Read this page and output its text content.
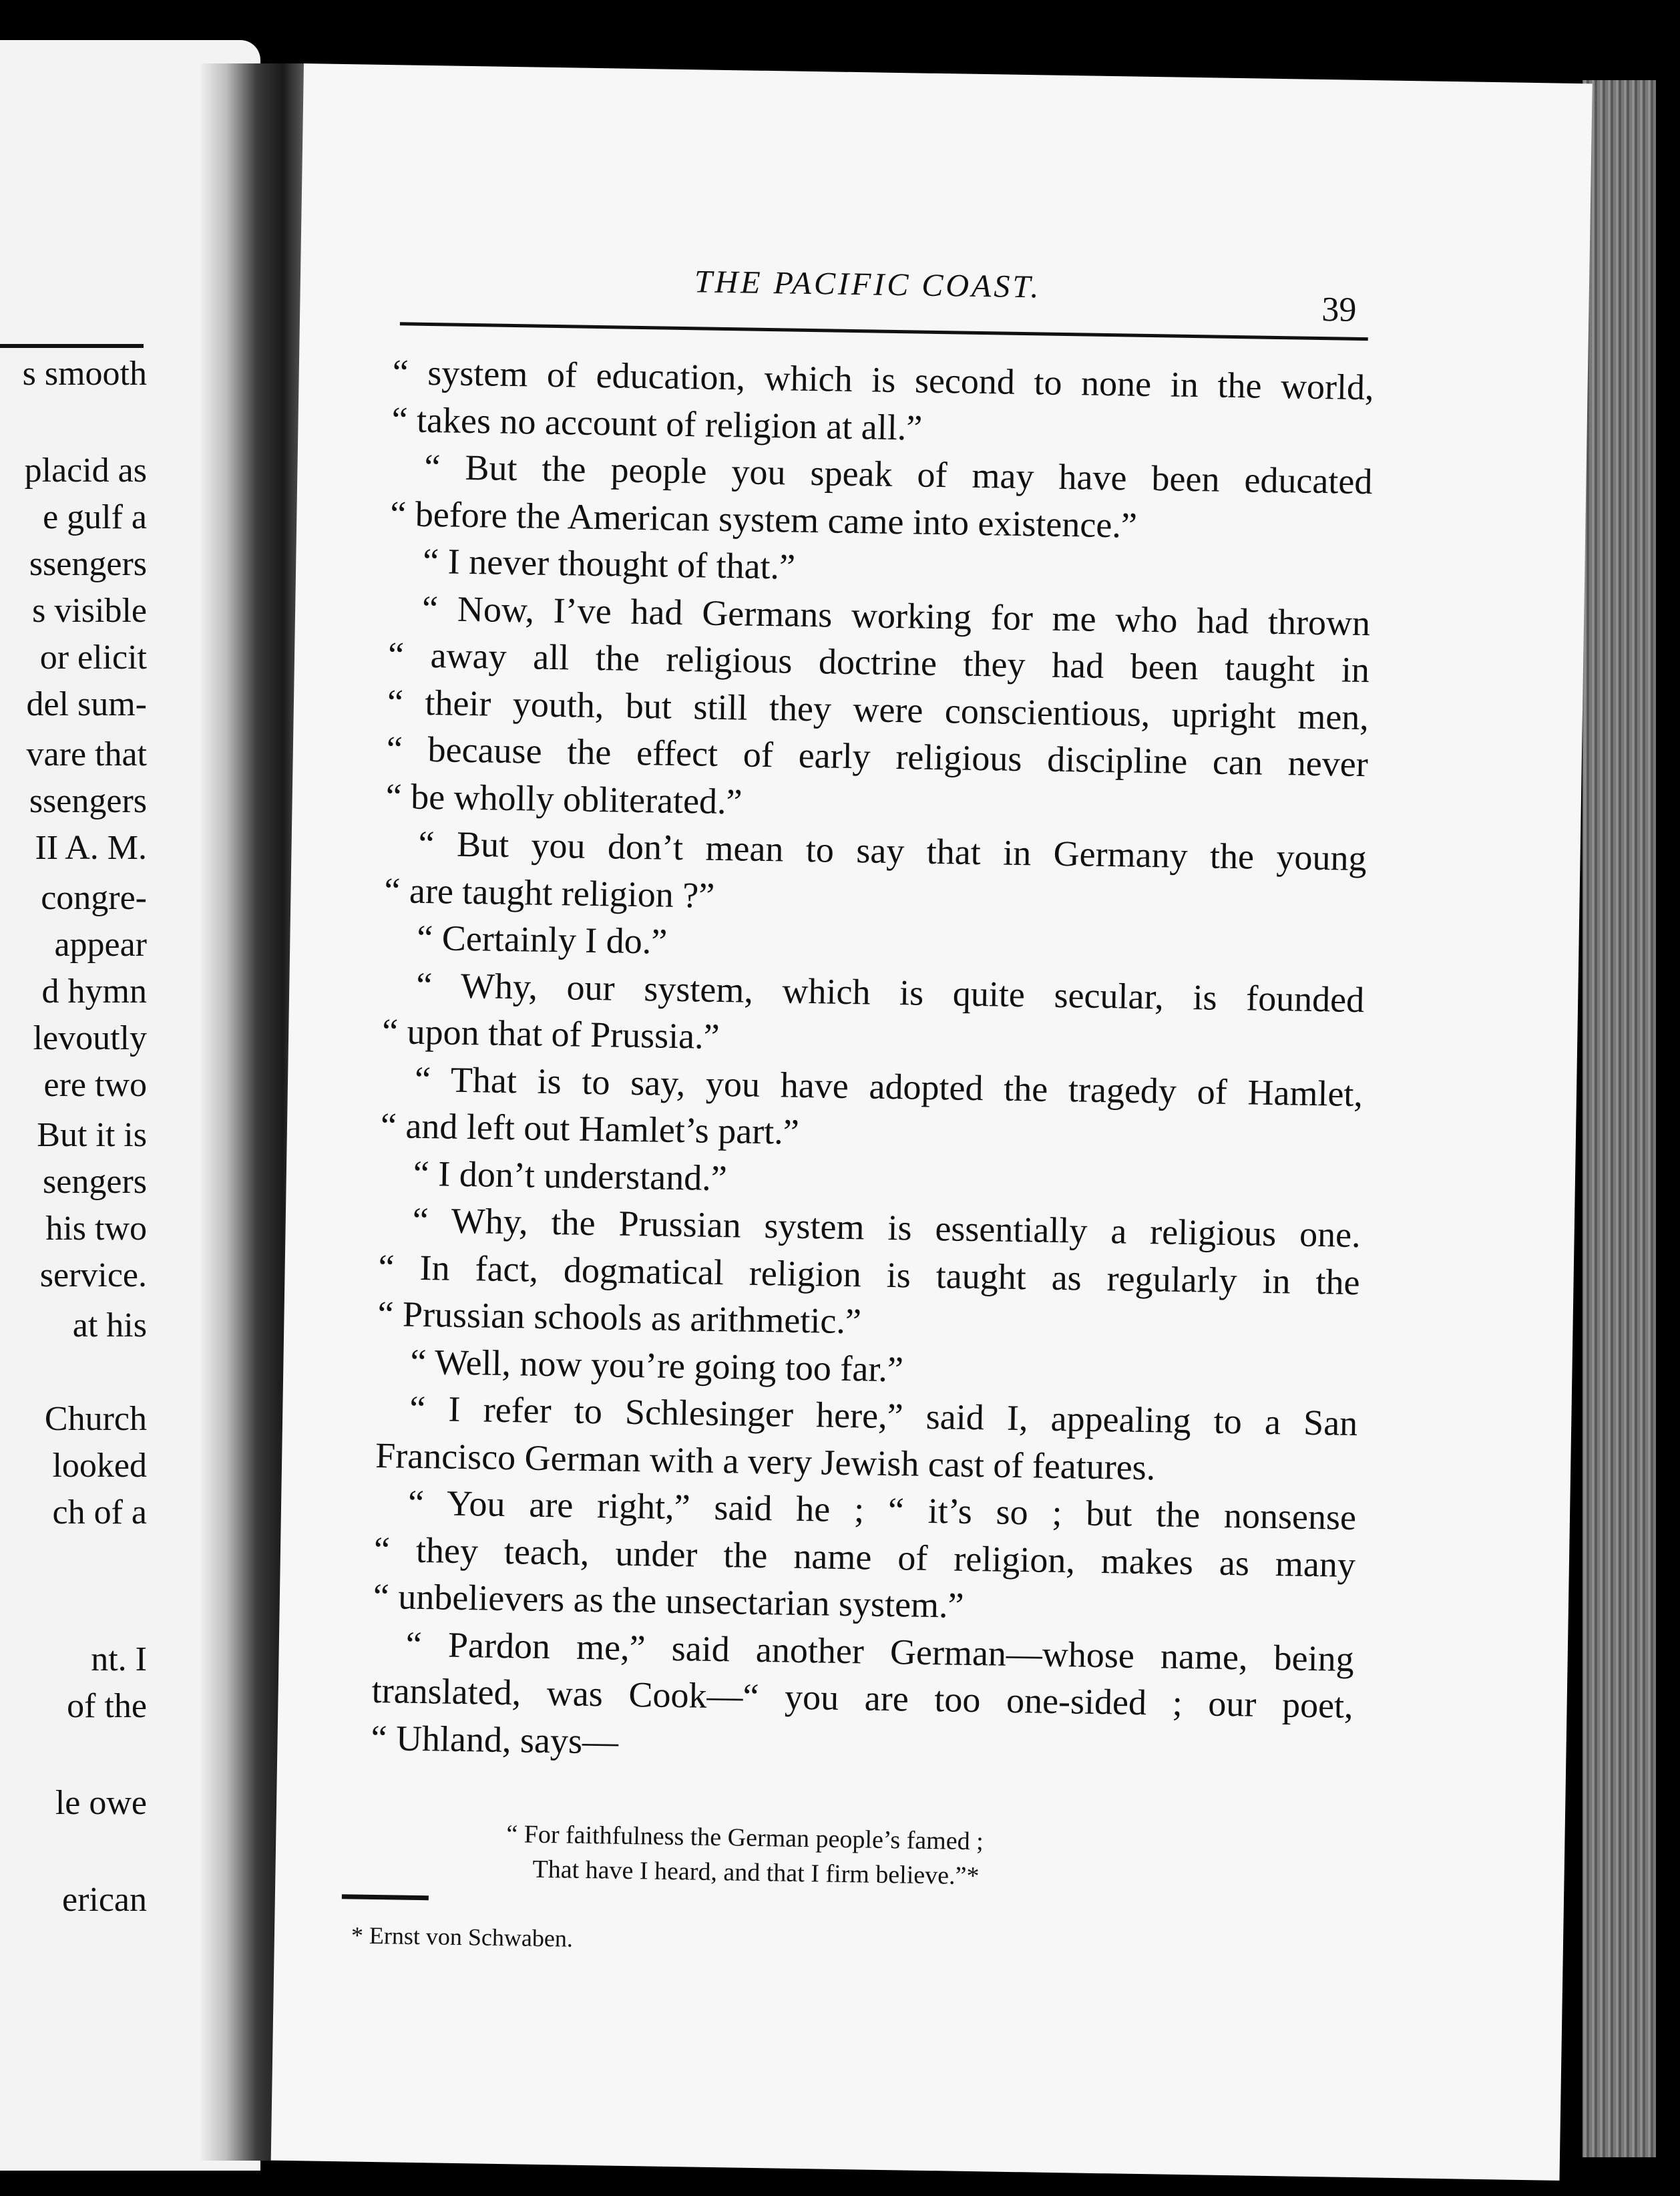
s smooth
placid as
e gulf a
ssengers
s visible
or elicit
del sum-
vare that
ssengers
II A. M.
congre-
appear
d hymn
levoutly
ere two
But it is
sengers
his two
service.
at his
Church
looked
ch of a
nt. I
of the
le owe
erican
THE PACIFIC COAST.
39
“ system of education, which is second to none in the world,
“ takes no account of religion at all.”
“ But the people you speak of may have been educated
“ before the American system came into existence.”
“ I never thought of that.”
“ Now, I’ve had Germans working for me who had thrown
“ away all the religious doctrine they had been taught in
“ their youth, but still they were conscientious, upright men,
“ because the effect of early religious discipline can never
“ be wholly obliterated.”
“ But you don’t mean to say that in Germany the young
“ are taught religion ?”
“ Certainly I do.”
“ Why, our system, which is quite secular, is founded
“ upon that of Prussia.”
“ That is to say, you have adopted the tragedy of Hamlet,
“ and left out Hamlet’s part.”
“ I don’t understand.”
“ Why, the Prussian system is essentially a religious one.
“ In fact, dogmatical religion is taught as regularly in the
“ Prussian schools as arithmetic.”
“ Well, now you’re going too far.”
“ I refer to Schlesinger here,” said I, appealing to a San
Francisco German with a very Jewish cast of features.
“ You are right,” said he ; “ it’s so ; but the nonsense
“ they teach, under the name of religion, makes as many
“ unbelievers as the unsectarian system.”
“ Pardon me,” said another German—whose name, being
translated, was Cook—“ you are too one-sided ; our poet,
“ Uhland, says—
“ For faithfulness the German people’s famed ;
That have I heard, and that I firm believe.”*
* Ernst von Schwaben.
